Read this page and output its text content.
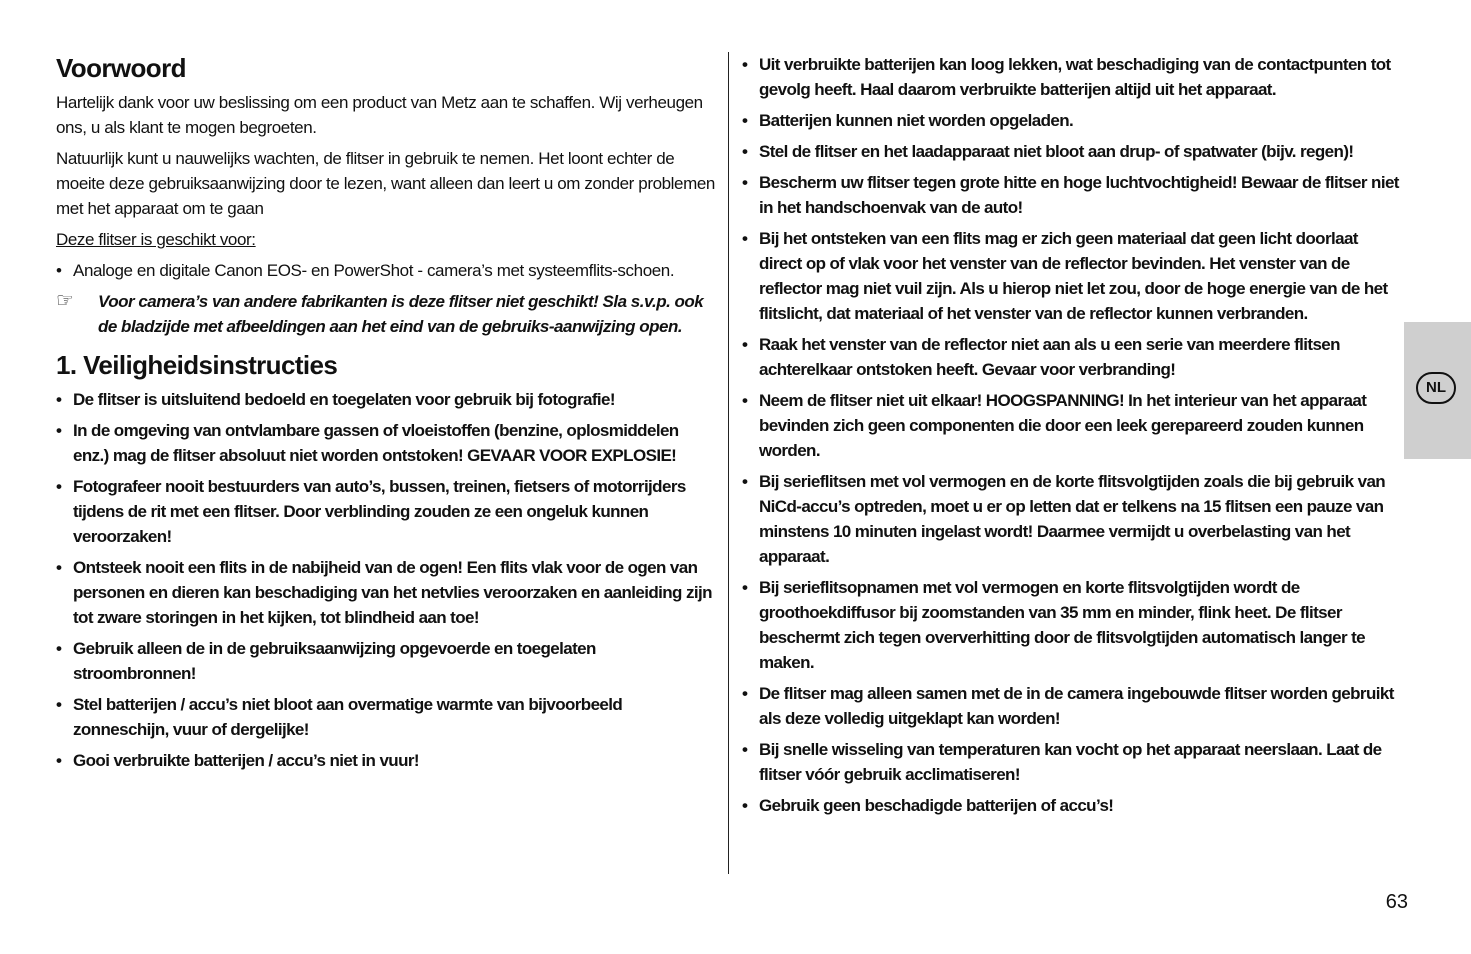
Voorwoord

Hartelijk dank voor uw beslissing om een product van Metz aan te schaffen. Wij verheugen ons, u als klant te mogen begroeten.

Natuurlijk kunt u nauwelijks wachten, de flitser in gebruik te nemen. Het loont echter de moeite deze gebruiksaanwijzing door te lezen, want alleen dan leert u om zonder problemen met het apparaat om te gaan

Deze flitser is geschikt voor:

• Analoge en digitale Canon EOS- en PowerShot - camera’s met systeemflits-schoen.
☞ Voor camera’s van andere fabrikanten is deze flitser niet geschikt! Sla s.v.p. ook de bladzijde met afbeeldingen aan het eind van de gebruiks-aanwijzing open.
1. Veiligheidsinstructies
• De flitser is uitsluitend bedoeld en toegelaten voor gebruik bij fotografie!
• In de omgeving van ontvlambare gassen of vloeistoffen (benzine, oplosmiddelen enz.) mag de flitser absoluut niet worden ontstoken! GEVAAR VOOR EXPLOSIE!
• Fotografeer nooit bestuurders van auto’s, bussen, treinen, fietsers of motorrijders tijdens de rit met een flitser. Door verblinding zouden ze een ongeluk kunnen veroorzaken!
• Ontsteek nooit een flits in de nabijheid van de ogen! Een flits vlak voor de ogen van personen en dieren kan beschadiging van het netvlies veroorzaken en aanleiding zijn tot zware storingen in het kijken, tot blindheid aan toe!
• Gebruik alleen de in de gebruiksaanwijzing opgevoerde en toegelaten stroombronnen!
• Stel batterijen / accu’s niet bloot aan overmatige warmte van bijvoorbeeld zonneschijn, vuur of dergelijke!
• Gooi verbruikte batterijen / accu’s niet in vuur!
• Uit verbruikte batterijen kan loog lekken, wat beschadiging van de contactpunten tot gevolg heeft. Haal daarom verbruikte batterijen altijd uit het apparaat.
• Batterijen kunnen niet worden opgeladen.
• Stel de flitser en het laadapparaat niet bloot aan drup- of spatwater (bijv. regen)!
• Bescherm uw flitser tegen grote hitte en hoge luchtvochtigheid! Bewaar de flitser niet in het handschoenvak van de auto!
• Bij het ontsteken van een flits mag er zich geen materiaal dat geen licht doorlaat direct op of vlak voor het venster van de reflector bevinden. Het venster van de reflector mag niet vuil zijn. Als u hierop niet let zou, door de hoge energie van de het flitslicht, dat materiaal of het venster van de reflector kunnen verbranden.
• Raak het venster van de reflector niet aan als u een serie van meerdere flitsen achterelkaar ontstoken heeft. Gevaar voor verbranding!
• Neem de flitser niet uit elkaar! HOOGSPANNING! In het interieur van het apparaat bevinden zich geen componenten die door een leek gerepareerd zouden kunnen worden.
• Bij serieflitsen met vol vermogen en de korte flitsvolgtijden zoals die bij gebruik van NiCd-accu’s optreden, moet u er op letten dat er telkens na 15 flitsen een pauze van minstens 10 minuten ingelast wordt! Daarmee vermijdt u overbelasting van het apparaat.
• Bij serieflitsopnamen met vol vermogen en korte flitsvolgtijden wordt de groothoekdiffusor bij zoomstanden van 35 mm en minder, flink heet. De flitser beschermt zich tegen oververhitting door de flitsvolgtijden automatisch langer te maken.
• De flitser mag alleen samen met de in de camera ingebouwde flitser worden gebruikt als deze volledig uitgeklapt kan worden!
• Bij snelle wisseling van temperaturen kan vocht op het apparaat neerslaan. Laat de flitser vóór gebruik acclimatiseren!
• Gebruik geen beschadigde batterijen of accu’s!
NL
63
